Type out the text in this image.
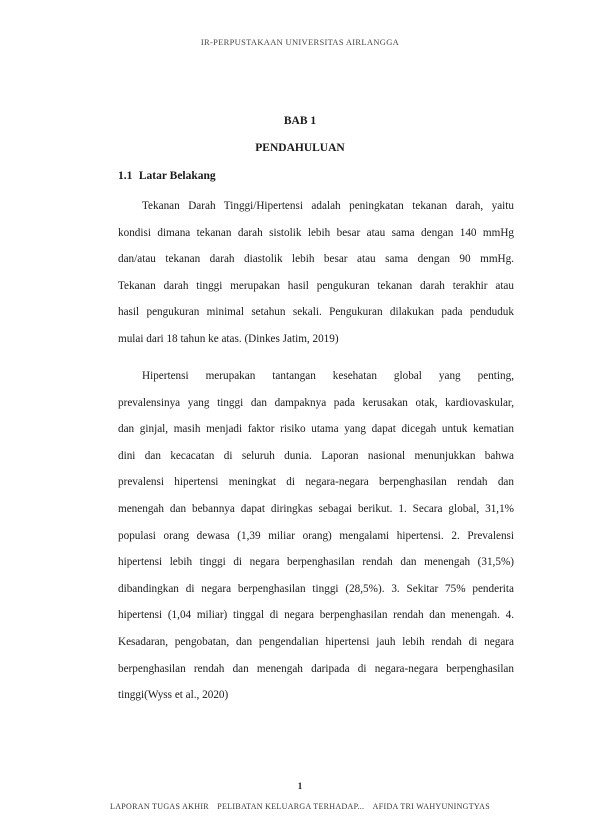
IR-PERPUSTAKAAN UNIVERSITAS AIRLANGGA
BAB 1
PENDAHULUAN
1.1 Latar Belakang
Tekanan Darah Tinggi/Hipertensi adalah peningkatan tekanan darah, yaitu
kondisi dimana tekanan darah sistolik lebih besar atau sama dengan 140 mmHg
dan/atau tekanan darah diastolik lebih besar atau sama dengan 90 mmHg.
Tekanan darah tinggi merupakan hasil pengukuran tekanan darah terakhir atau
hasil pengukuran minimal setahun sekali. Pengukuran dilakukan pada penduduk
mulai dari 18 tahun ke atas. (Dinkes Jatim, 2019)
Hipertensi merupakan tantangan kesehatan global yang penting,
prevalensinya yang tinggi dan dampaknya pada kerusakan otak, kardiovaskular,
dan ginjal, masih menjadi faktor risiko utama yang dapat dicegah untuk kematian
dini dan kecacatan di seluruh dunia. Laporan nasional menunjukkan bahwa
prevalensi hipertensi meningkat di negara-negara berpenghasilan rendah dan
menengah dan bebannya dapat diringkas sebagai berikut. 1. Secara global, 31,1%
populasi orang dewasa (1,39 miliar orang) mengalami hipertensi. 2. Prevalensi
hipertensi lebih tinggi di negara berpenghasilan rendah dan menengah (31,5%)
dibandingkan di negara berpenghasilan tinggi (28,5%). 3. Sekitar 75% penderita
hipertensi (1,04 miliar) tinggal di negara berpenghasilan rendah dan menengah. 4.
Kesadaran, pengobatan, dan pengendalian hipertensi jauh lebih rendah di negara
berpenghasilan rendah dan menengah daripada di negara-negara berpenghasilan
tinggi(Wyss et al., 2020)
1
LAPORAN TUGAS AKHIR PELIBATAN KELUARGA TERHADAP... AFIDA TRI WAHYUNINGTYAS
